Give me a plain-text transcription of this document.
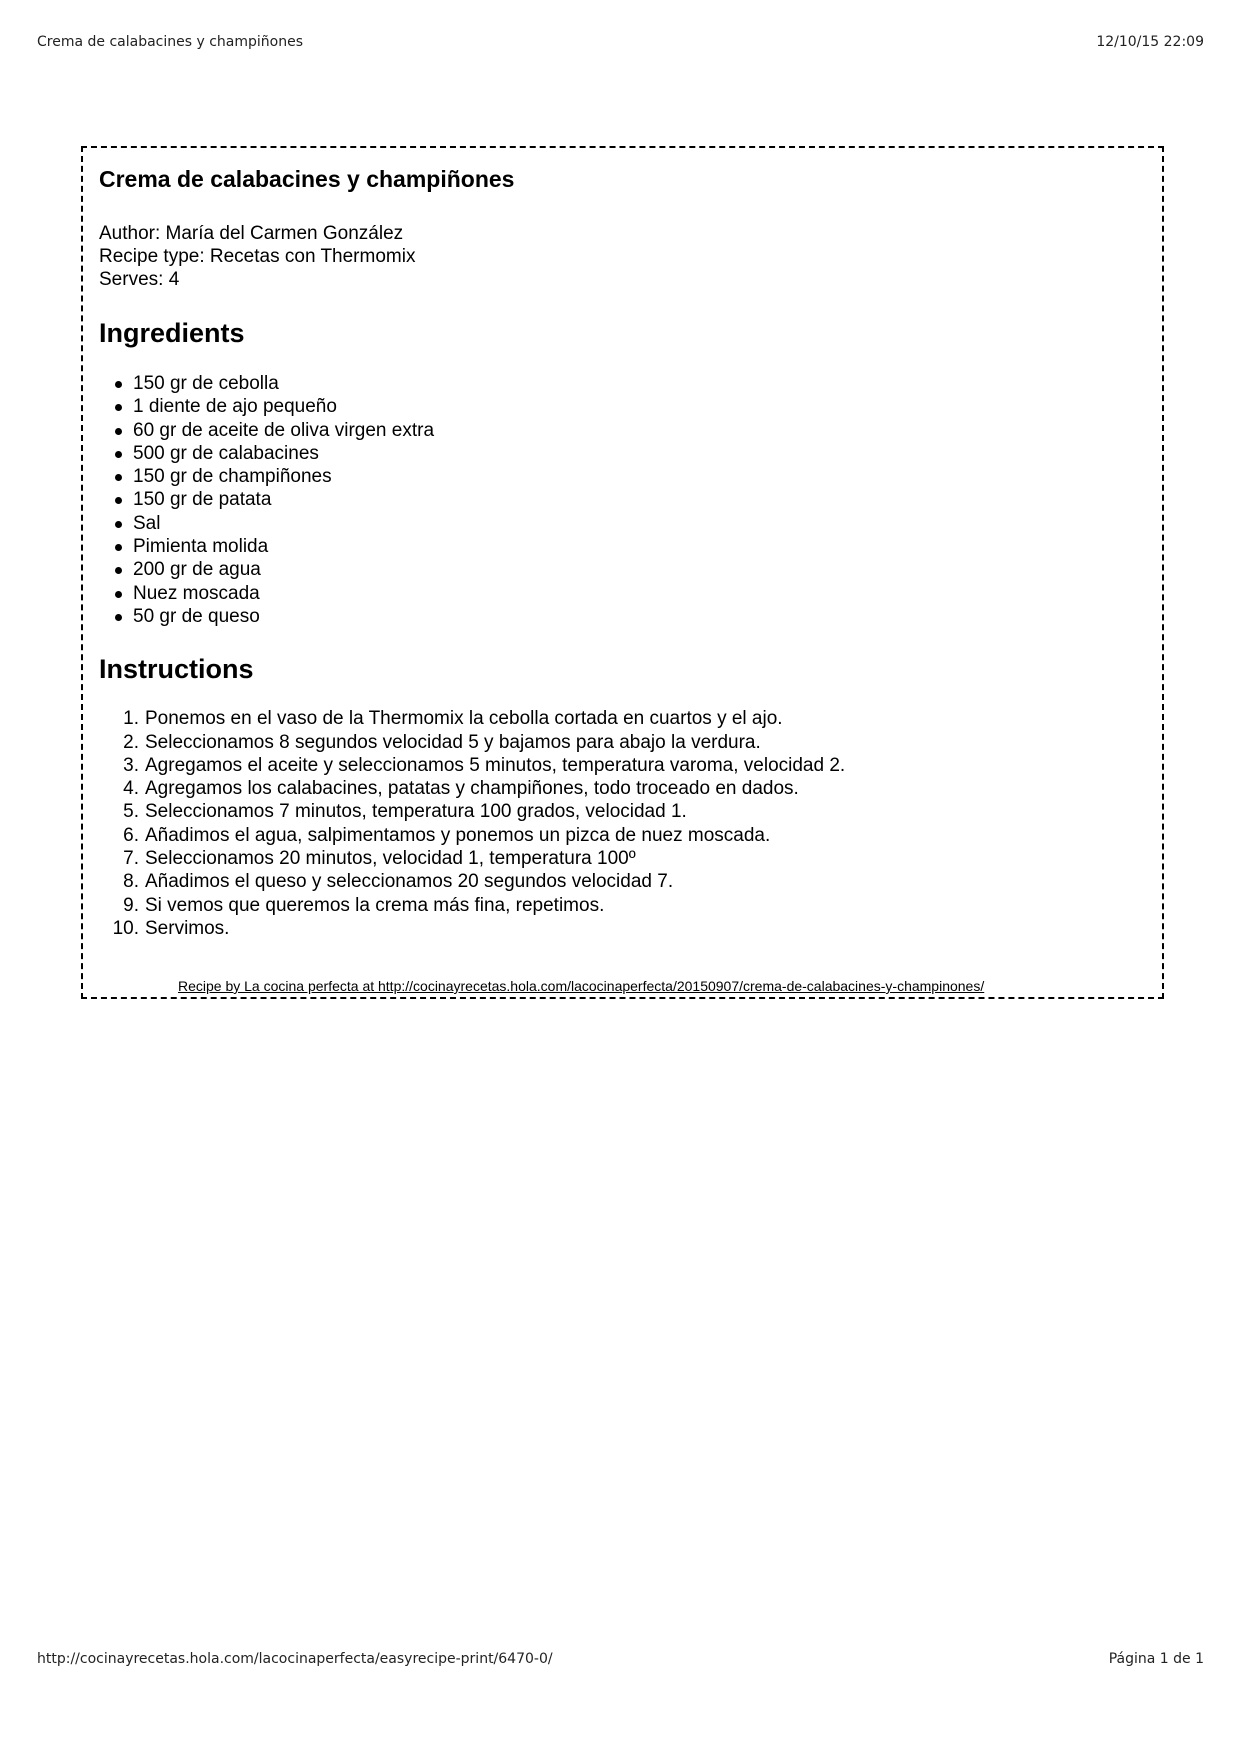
Crema de calabacines y champiñones	12/10/15 22:09
Crema de calabacines y champiñones
Author: María del Carmen González
Recipe type: Recetas con Thermomix
Serves: 4
Ingredients
150 gr de cebolla
1 diente de ajo pequeño
60 gr de aceite de oliva virgen extra
500 gr de calabacines
150 gr de champiñones
150 gr de patata
Sal
Pimienta molida
200 gr de agua
Nuez moscada
50 gr de queso
Instructions
1. Ponemos en el vaso de la Thermomix la cebolla cortada en cuartos y el ajo.
2. Seleccionamos 8 segundos velocidad 5 y bajamos para abajo la verdura.
3. Agregamos el aceite y seleccionamos 5 minutos, temperatura varoma, velocidad 2.
4. Agregamos los calabacines, patatas y champiñones, todo troceado en dados.
5. Seleccionamos 7 minutos, temperatura 100 grados, velocidad 1.
6. Añadimos el agua, salpimentamos y ponemos un pizca de nuez moscada.
7. Seleccionamos 20 minutos, velocidad 1, temperatura 100º
8. Añadimos el queso y seleccionamos 20 segundos velocidad 7.
9. Si vemos que queremos la crema más fina, repetimos.
10. Servimos.
Recipe by La cocina perfecta at http://cocinayrecetas.hola.com/lacocinaperfecta/20150907/crema-de-calabacines-y-champinones/
http://cocinayrecetas.hola.com/lacocinaperfecta/easyrecipe-print/6470-0/	Página 1 de 1
